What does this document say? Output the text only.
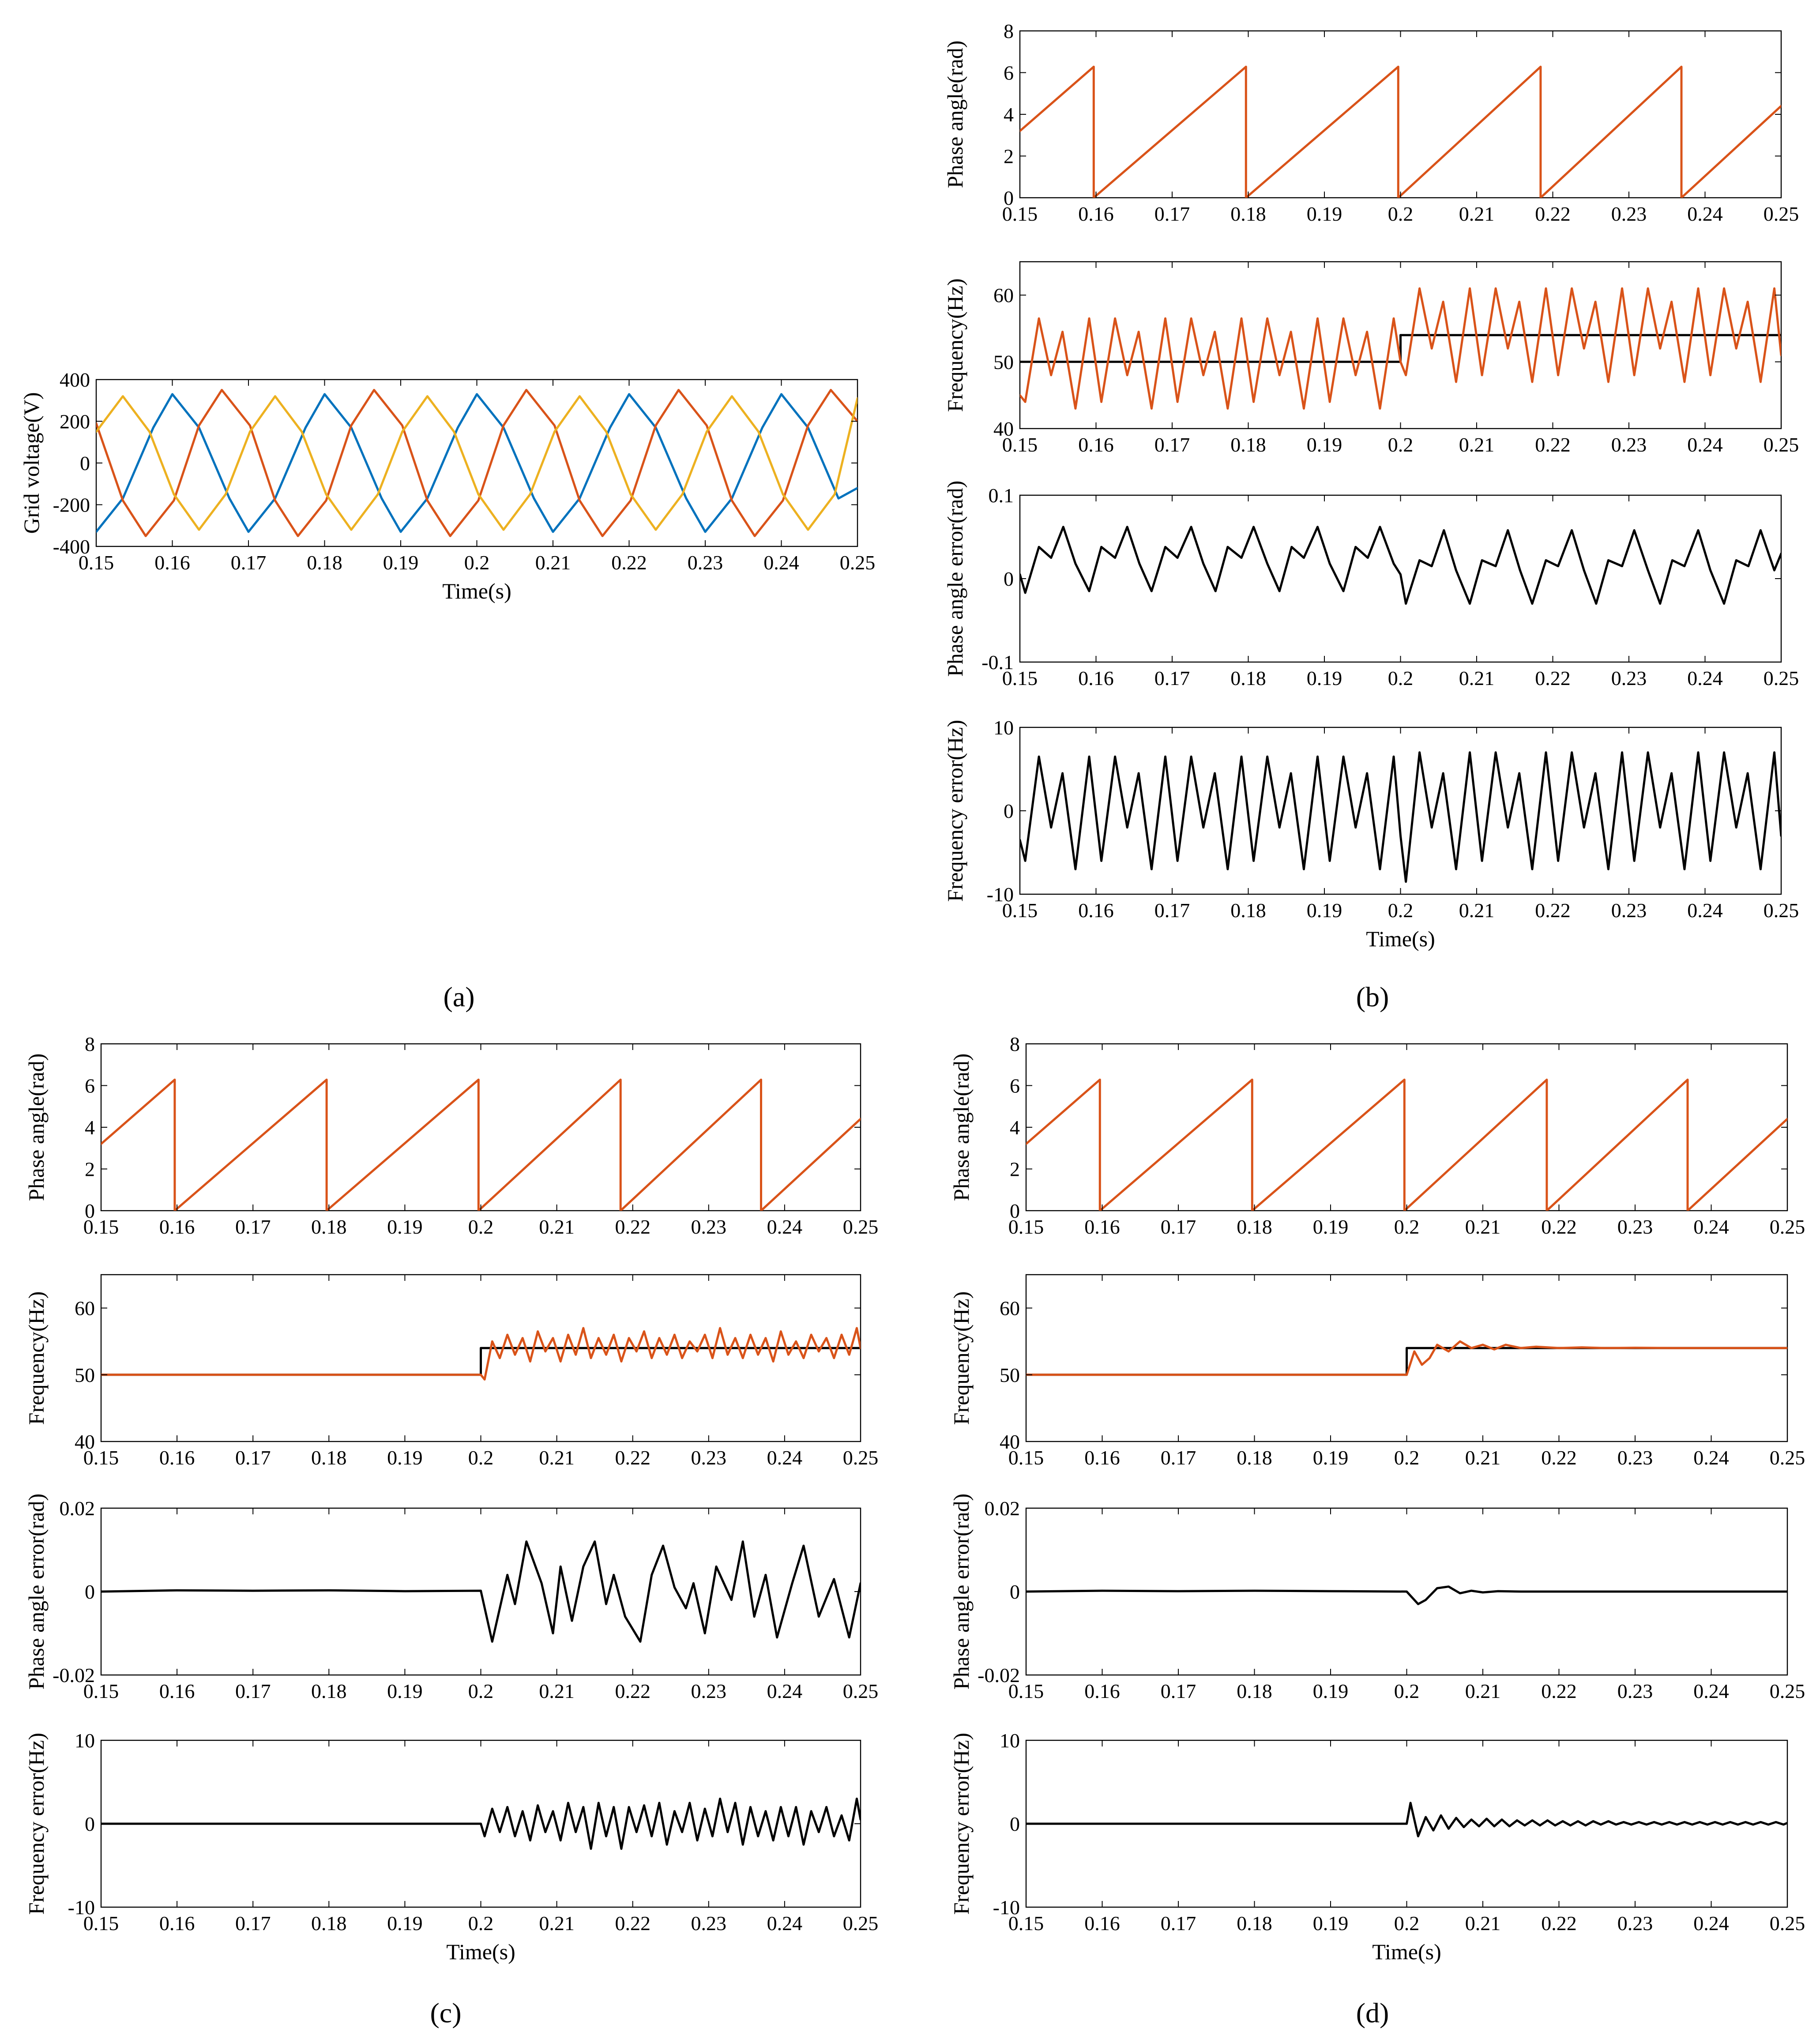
0.15 0.16 0.17 0.18 0.19 0.2 0.21 0.22 0.23 0.24 0.25
-400
-200
0
200
400
Grid voltage(V)
Time(s)
0.15 0.16 0.17 0.18 0.19 0.2 0.21 0.22 0.23 0.24 0.25
0
2
4
6
8
Phase angle(rad)
0.15 0.16 0.17 0.18 0.19 0.2 0.21 0.22 0.23 0.24 0.25
40
50
60
Frequency(Hz)
0.15 0.16 0.17 0.18 0.19 0.2 0.21 0.22 0.23 0.24 0.25
-0.1
0
0.1
Phase angle error(rad)
0.15 0.16 0.17 0.18 0.19 0.2 0.21 0.22 0.23 0.24 0.25
-10
0
10
Frequency error(Hz)
Time(s)
0.15 0.16 0.17 0.18 0.19 0.2 0.21 0.22 0.23 0.24 0.25
0
2
4
6
8
Phase angle(rad)
0.15 0.16 0.17 0.18 0.19 0.2 0.21 0.22 0.23 0.24 0.25
40
50
60
Frequency(Hz)
0.15 0.16 0.17 0.18 0.19 0.2 0.21 0.22 0.23 0.24 0.25
-0.02
0
0.02
Phase angle error(rad)
0.15 0.16 0.17 0.18 0.19 0.2 0.21 0.22 0.23 0.24 0.25
-10
0
10
Frequency error(Hz)
Time(s)
0.15 0.16 0.17 0.18 0.19 0.2 0.21 0.22 0.23 0.24 0.25
0
2
4
6
8
Phase angle(rad)
0.15 0.16 0.17 0.18 0.19 0.2 0.21 0.22 0.23 0.24 0.25
40
50
60
Frequency(Hz)
0.15 0.16 0.17 0.18 0.19 0.2 0.21 0.22 0.23 0.24 0.25
-0.02
0
0.02
Phase angle error(rad)
0.15 0.16 0.17 0.18 0.19 0.2 0.21 0.22 0.23 0.24 0.25
-10
0
10
Frequency error(Hz)
Time(s)
(a)	(b)
(c)	(d)
